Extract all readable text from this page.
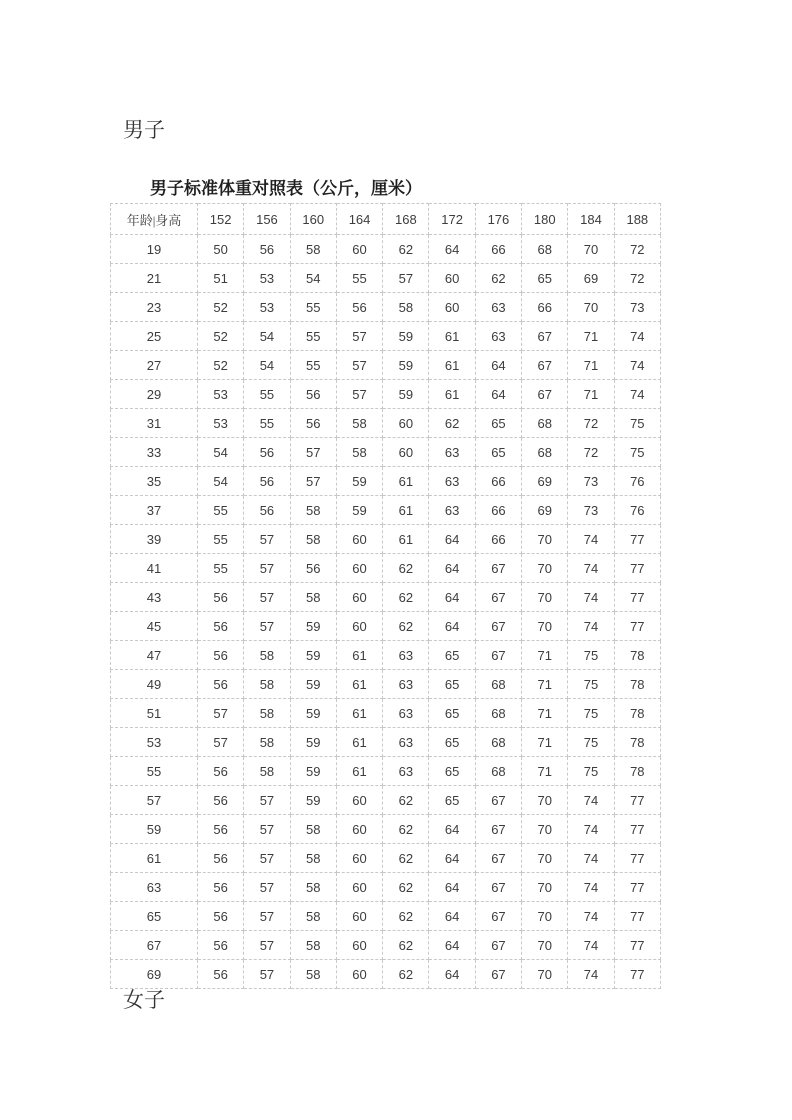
男子
男子标准体重对照表（公斤，厘米）
年龄|身高	152	156	160	164	168	172	176	180	184	188
19	50	56	58	60	62	64	66	68	70	72
21	51	53	54	55	57	60	62	65	69	72
23	52	53	55	56	58	60	63	66	70	73
25	52	54	55	57	59	61	63	67	71	74
27	52	54	55	57	59	61	64	67	71	74
29	53	55	56	57	59	61	64	67	71	74
31	53	55	56	58	60	62	65	68	72	75
33	54	56	57	58	60	63	65	68	72	75
35	54	56	57	59	61	63	66	69	73	76
37	55	56	58	59	61	63	66	69	73	76
39	55	57	58	60	61	64	66	70	74	77
41	55	57	56	60	62	64	67	70	74	77
43	56	57	58	60	62	64	67	70	74	77
45	56	57	59	60	62	64	67	70	74	77
47	56	58	59	61	63	65	67	71	75	78
49	56	58	59	61	63	65	68	71	75	78
51	57	58	59	61	63	65	68	71	75	78
53	57	58	59	61	63	65	68	71	75	78
55	56	58	59	61	63	65	68	71	75	78
57	56	57	59	60	62	65	67	70	74	77
59	56	57	58	60	62	64	67	70	74	77
61	56	57	58	60	62	64	67	70	74	77
63	56	57	58	60	62	64	67	70	74	77
65	56	57	58	60	62	64	67	70	74	77
67	56	57	58	60	62	64	67	70	74	77
69	56	57	58	60	62	64	67	70	74	77
女子
